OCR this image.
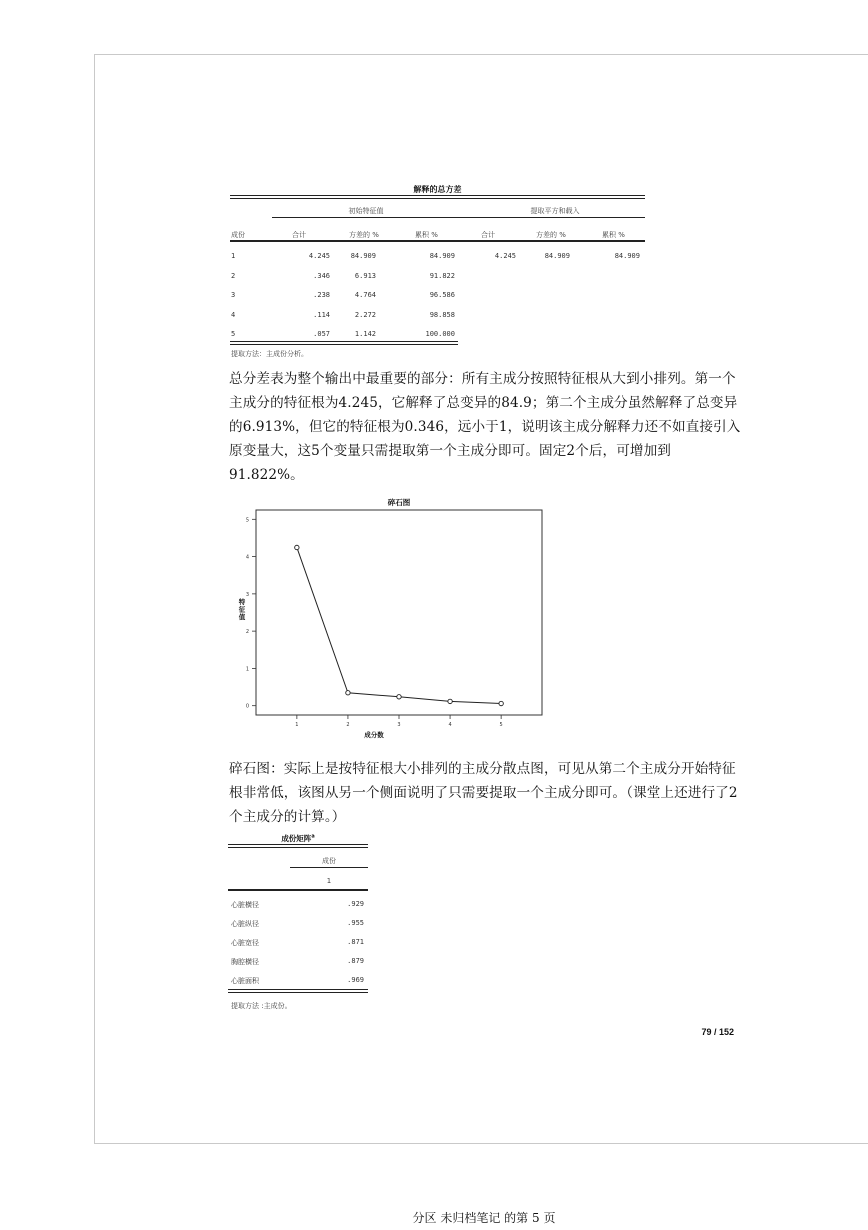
解释的总方差
初始特征值	提取平方和载入
成份	合计	方差的 %	累积 %	合计	方差的 %	累积 %
1	4.245	84.909	84.909	4.245	84.909	84.909
2	.346	6.913	91.822
3	.238	4.764	96.586
4	.114	2.272	98.858
5	.057	1.142	100.000
提取方法：主成份分析。
总分差表为整个输出中最重要的部分：所有主成分按照特征根从大到小排列。第一个主成分的特征根为4.245，它解释了总变异的84.9；第二个主成分虽然解释了总变异的6.913%，但它的特征根为0.346，远小于1，说明该主成分解释力还不如直接引入原变量大，这5个变量只需提取第一个主成分即可。固定2个后，可增加到91.822%。
碎石图
0
1
2
3
4
5
1	2	3	4	5
成分数
特征值
碎石图：实际上是按特征根大小排列的主成分散点图，可见从第二个主成分开始特征根非常低，该图从另一个侧面说明了只需要提取一个主成分即可。（课堂上还进行了2个主成分的计算。）
成份矩阵$^a$
成份
1
心脏横径	.929
心脏纵径	.955
心脏宽径	.871
胸腔横径	.879
心脏面积	.969
提取方法 :主成份。
79 / 152
分区 未归档笔记 的第 5 页
